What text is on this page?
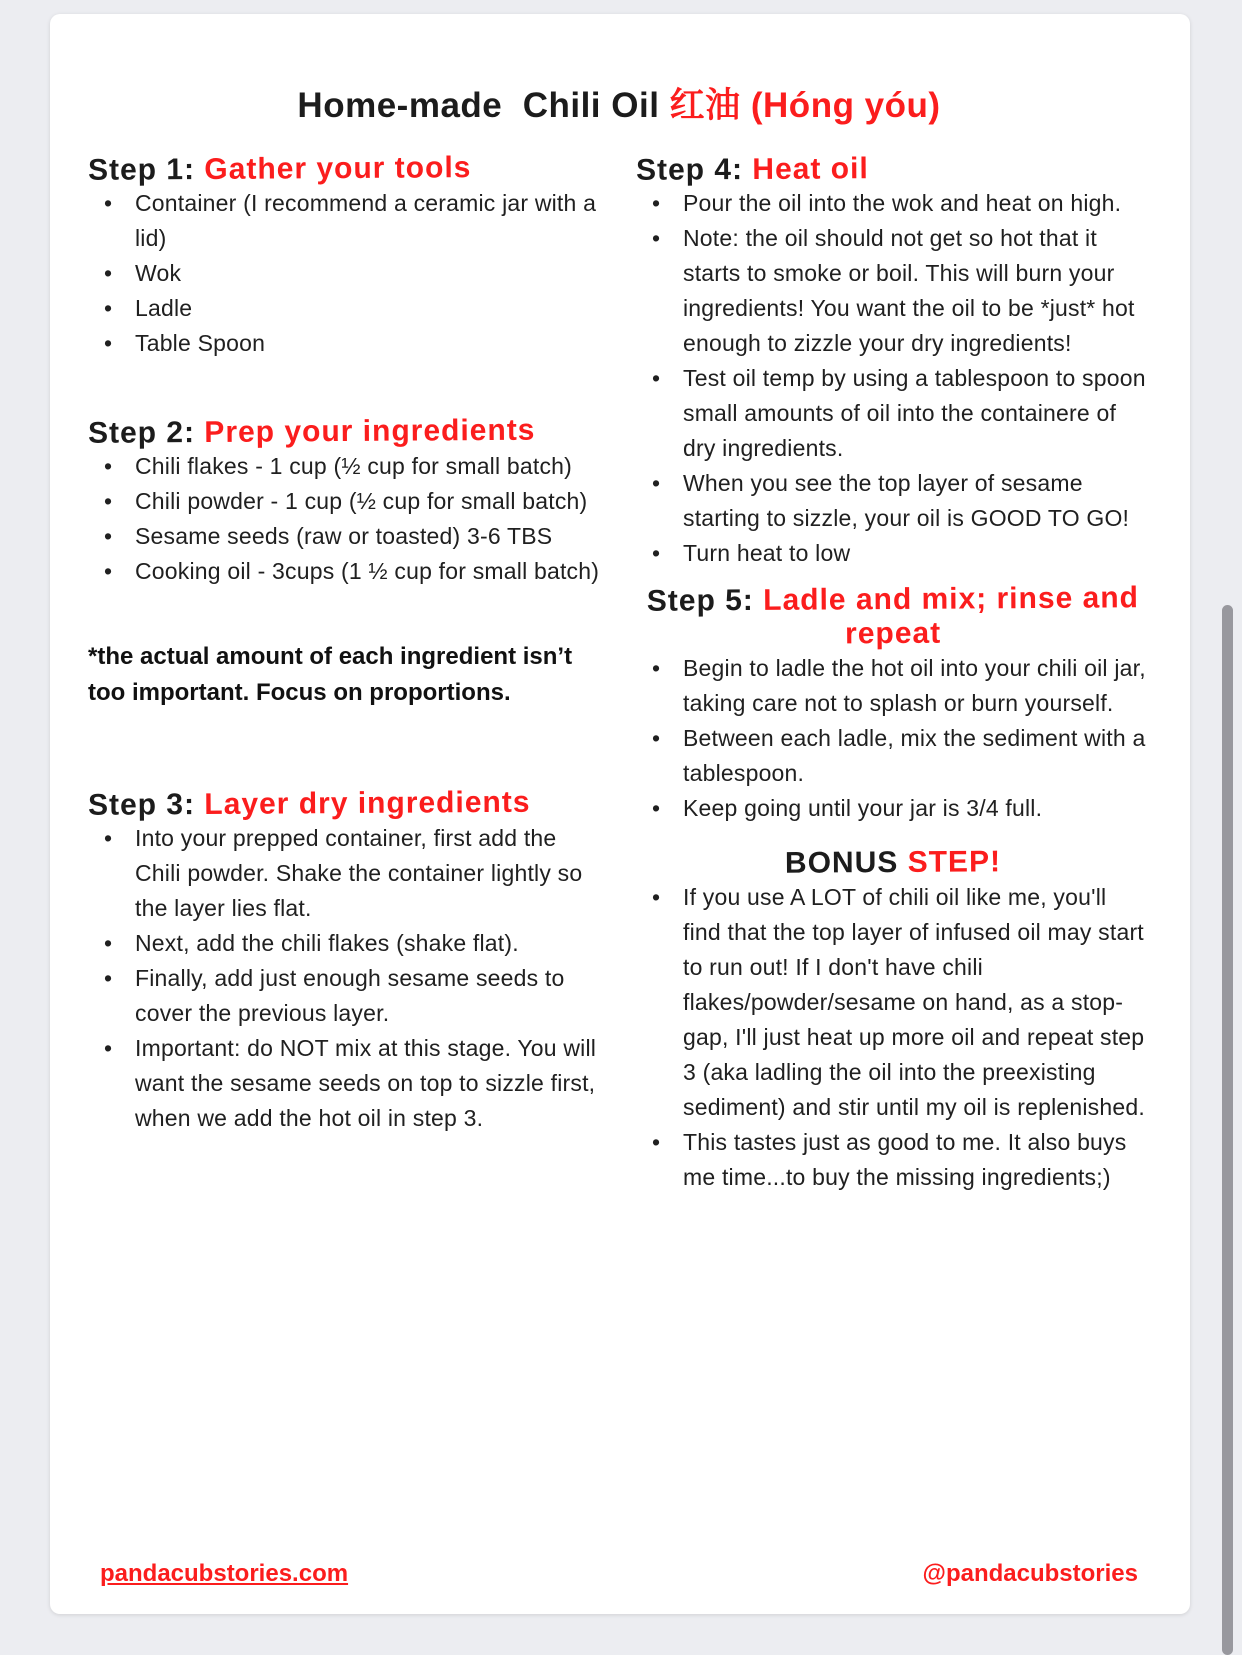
Home-made  Chili Oil 红油 (Hóng yóu)
Step 1: Gather your tools
• Container (I recommend a ceramic jar with a lid)
• Wok
• Ladle
• Table Spoon
Step 2: Prep your ingredients
• Chili flakes - 1 cup (½ cup for small batch)
• Chili powder - 1 cup (½ cup for small batch)
• Sesame seeds (raw or toasted) 3-6 TBS
• Cooking oil - 3cups (1 ½ cup for small batch)
*the actual amount of each ingredient isn’t too important. Focus on proportions.
Step 3: Layer dry ingredients
• Into your prepped container, first add the Chili powder. Shake the container lightly so the layer lies flat.
• Next, add the chili flakes (shake flat).
• Finally, add just enough sesame seeds to cover the previous layer.
• Important: do NOT mix at this stage. You will want the sesame seeds on top to sizzle first, when we add the hot oil in step 3.
Step 4: Heat oil
• Pour the oil into the wok and heat on high.
• Note: the oil should not get so hot that it starts to smoke or boil. This will burn your ingredients! You want the oil to be *just* hot enough to zizzle your dry ingredients!
• Test oil temp by using a tablespoon to spoon small amounts of oil into the containere of dry ingredients.
• When you see the top layer of sesame starting to sizzle, your oil is GOOD TO GO!
• Turn heat to low
Step 5: Ladle and mix; rinse and repeat
• Begin to ladle the hot oil into your chili oil jar, taking care not to splash or burn yourself.
• Between each ladle, mix the sediment with a tablespoon.
• Keep going until your jar is 3/4 full.
BONUS STEP!
• If you use A LOT of chili oil like me, you'll find that the top layer of infused oil may start to run out! If I don't have chili flakes/powder/sesame on hand, as a stop-gap, I'll just heat up more oil and repeat step 3 (aka ladling the oil into the preexisting sediment) and stir until my oil is replenished.
• This tastes just as good to me. It also buys me time...to buy the missing ingredients;)
pandacubstories.com	@pandacubstories
